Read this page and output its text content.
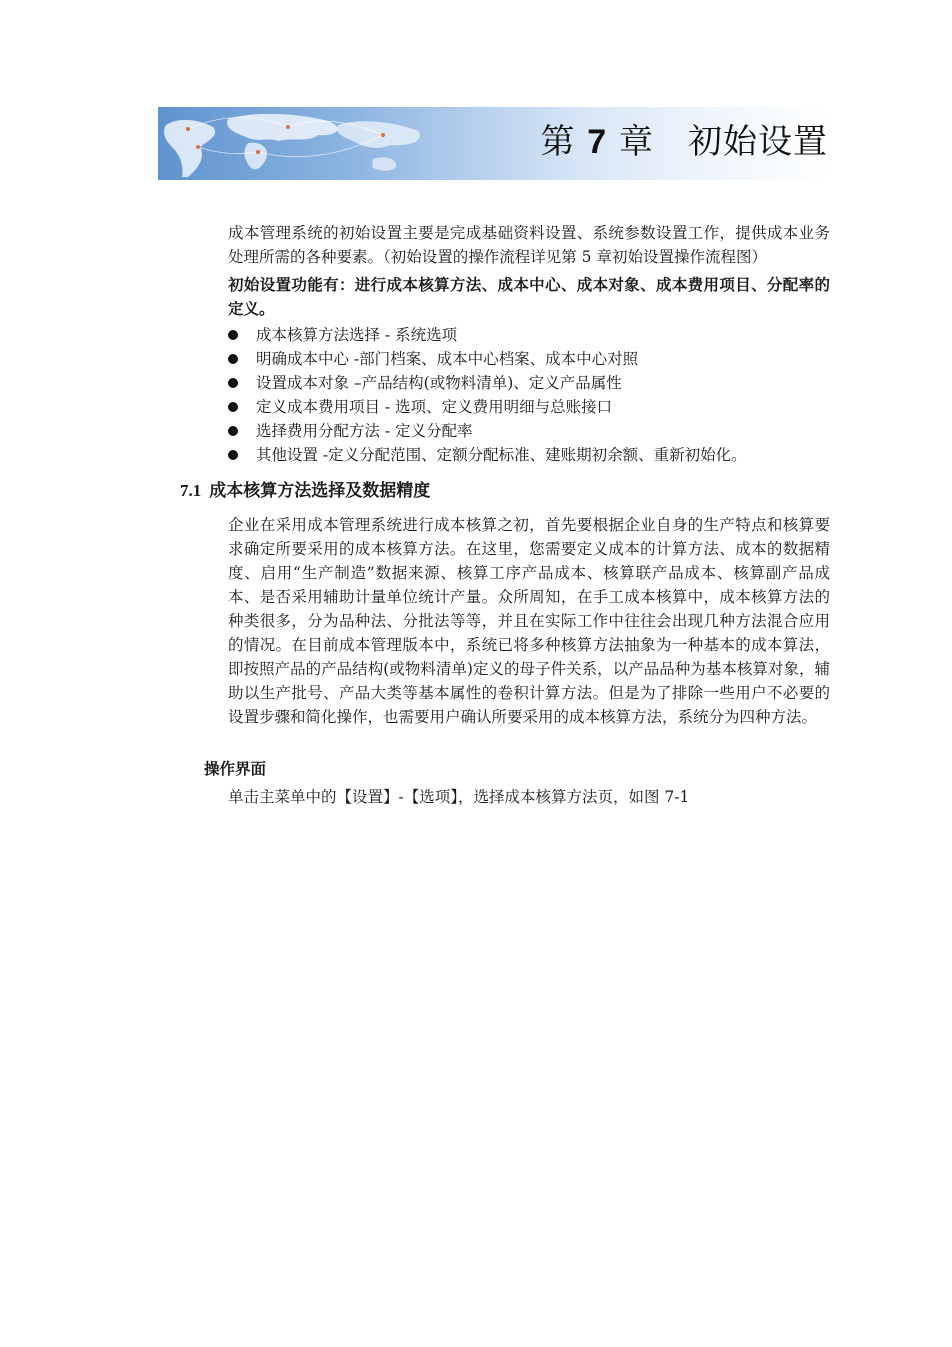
第 7 章 初始设置

成本管理系统的初始设置主要是完成基础资料设置、系统参数设置工作，提供成本业务处理所需的各种要素。（初始设置的操作流程详见第 5 章初始设置操作流程图）

初始设置功能有：进行成本核算方法、成本中心、成本对象、成本费用项目、分配率的定义。

成本核算方法选择 - 系统选项
明确成本中心 -部门档案、成本中心档案、成本中心对照
设置成本对象 –产品结构(或物料清单)、定义产品属性
定义成本费用项目 - 选项、定义费用明细与总账接口
选择费用分配方法 - 定义分配率
其他设置 -定义分配范围、定额分配标准、建账期初余额、重新初始化。
7.1 成本核算方法选择及数据精度

企业在采用成本管理系统进行成本核算之初，首先要根据企业自身的生产特点和核算要求确定所要采用的成本核算方法。在这里，您需要定义成本的计算方法、成本的数据精度、启用“生产制造”数据来源、核算工序产品成本、核算联产品成本、核算副产品成本、是否采用辅助计量单位统计产量。众所周知，在手工成本核算中，成本核算方法的种类很多，分为品种法、分批法等等，并且在实际工作中往往会出现几种方法混合应用的情况。在目前成本管理版本中，系统已将多种核算方法抽象为一种基本的成本算法，即按照产品的产品结构(或物料清单)定义的母子件关系，以产品品种为基本核算对象，辅助以生产批号、产品大类等基本属性的卷积计算方法。但是为了排除一些用户不必要的设置步骤和简化操作，也需要用户确认所要采用的成本核算方法，系统分为四种方法。

操作界面

单击主菜单中的【设置】-【选项】，选择成本核算方法页，如图 7-1
